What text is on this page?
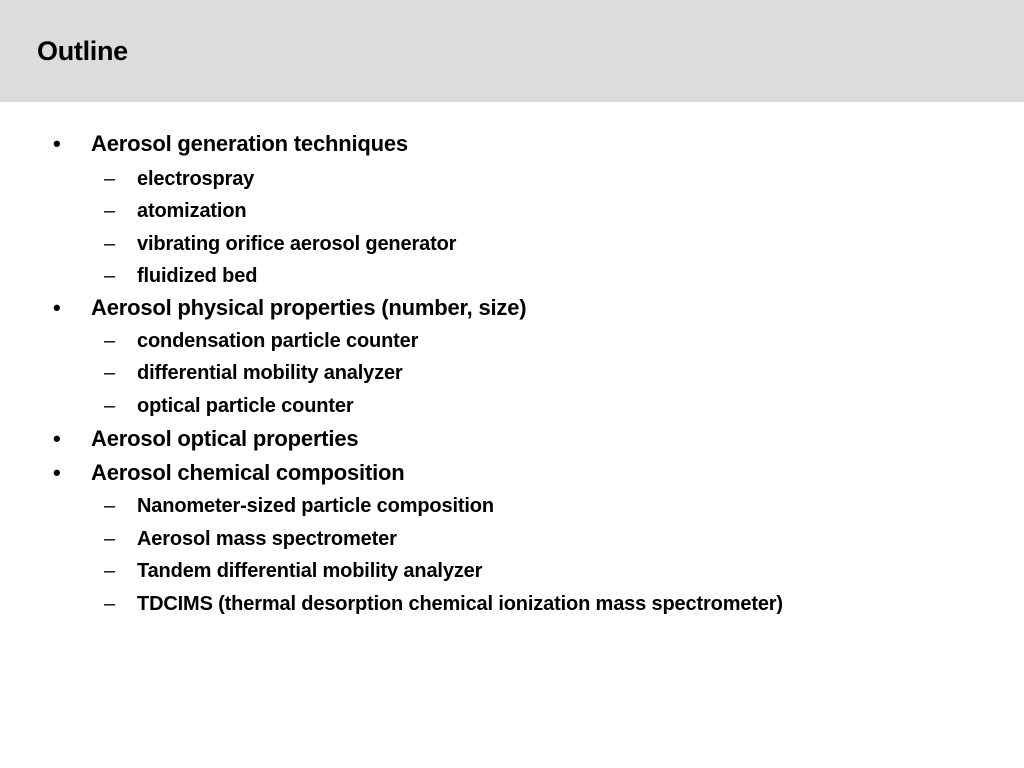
Outline
• Aerosol generation techniques
– electrospray
– atomization
– vibrating orifice aerosol generator
– fluidized bed
• Aerosol physical properties (number, size)
– condensation particle counter
– differential mobility analyzer
– optical particle counter
• Aerosol optical properties
• Aerosol chemical composition
– Nanometer-sized particle composition
– Aerosol mass spectrometer
– Tandem differential mobility analyzer
– TDCIMS (thermal desorption chemical ionization mass spectrometer)
